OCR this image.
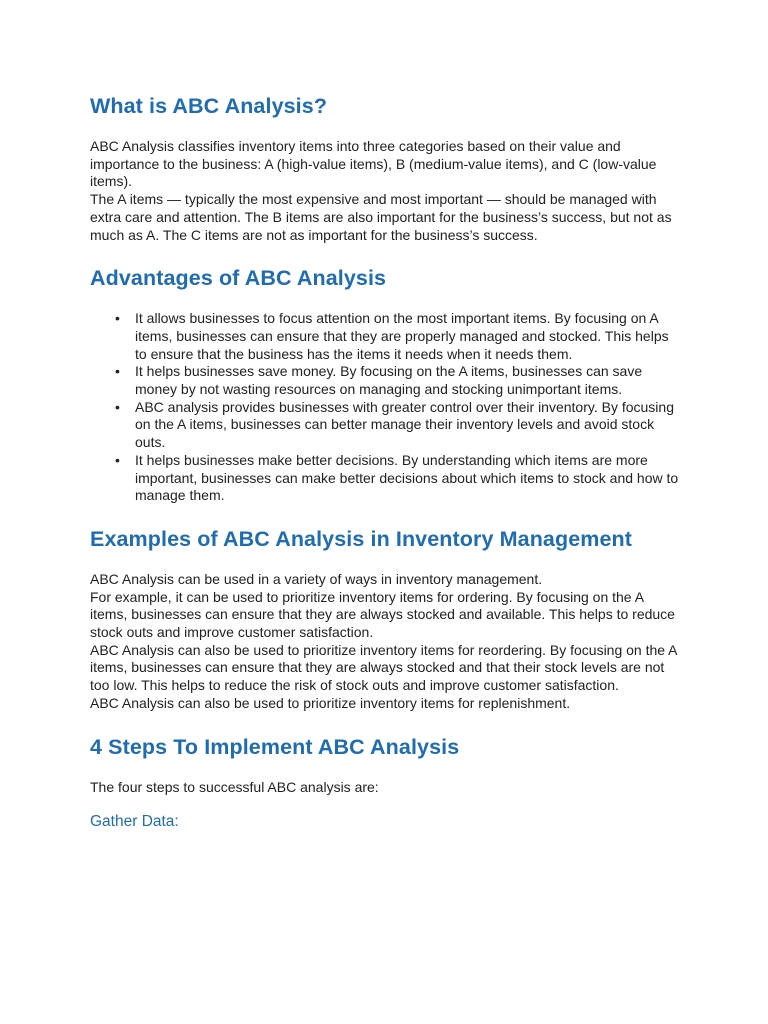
What is ABC Analysis?

ABC Analysis classifies inventory items into three categories based on their value and importance to the business: A (high-value items), B (medium-value items), and C (low-value items).

The A items — typically the most expensive and most important — should be managed with extra care and attention. The B items are also important for the business’s success, but not as much as A. The C items are not as important for the business’s success.

Advantages of ABC Analysis
• It allows businesses to focus attention on the most important items. By focusing on A items, businesses can ensure that they are properly managed and stocked. This helps to ensure that the business has the items it needs when it needs them.
• It helps businesses save money. By focusing on the A items, businesses can save money by not wasting resources on managing and stocking unimportant items.
• ABC analysis provides businesses with greater control over their inventory. By focusing on the A items, businesses can better manage their inventory levels and avoid stock outs.
• It helps businesses make better decisions. By understanding which items are more important, businesses can make better decisions about which items to stock and how to manage them.
Examples of ABC Analysis in Inventory Management

ABC Analysis can be used in a variety of ways in inventory management.

For example, it can be used to prioritize inventory items for ordering. By focusing on the A items, businesses can ensure that they are always stocked and available. This helps to reduce stock outs and improve customer satisfaction.

ABC Analysis can also be used to prioritize inventory items for reordering. By focusing on the A items, businesses can ensure that they are always stocked and that their stock levels are not too low. This helps to reduce the risk of stock outs and improve customer satisfaction.

ABC Analysis can also be used to prioritize inventory items for replenishment.

4 Steps To Implement ABC Analysis

The four steps to successful ABC analysis are:

Gather Data:
